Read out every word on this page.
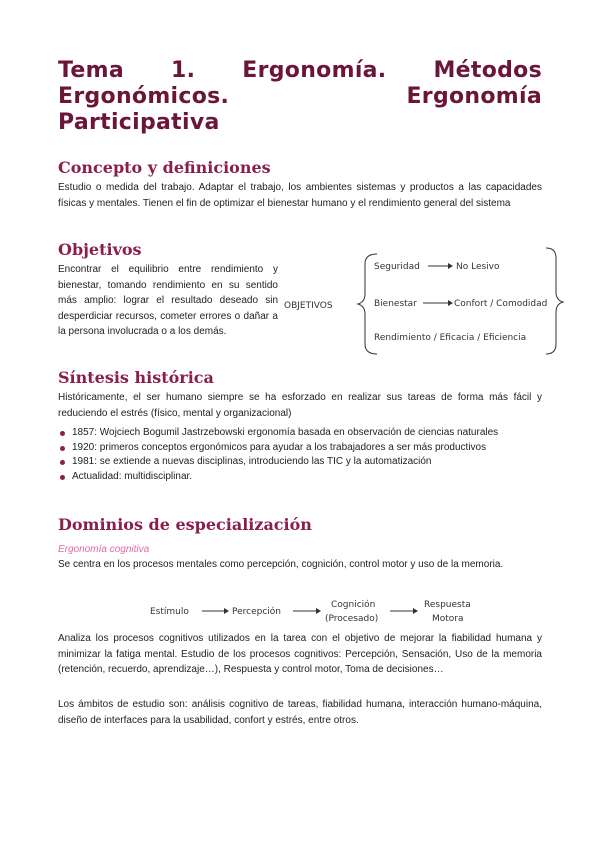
Tema 1. Ergonomía. Métodos
Ergonómicos.	Ergonomía
Participativa
Concepto y definiciones

Estudio o medida del trabajo. Adaptar el trabajo, los ambientes sistemas y productos a las capacidades físicas y mentales. Tienen el fin de optimizar el bienestar humano y el rendimiento general del sistema

Objetivos

Encontrar el equilibrio entre rendimiento y bienestar, tomando rendimiento en su sentido más amplio: lograr el resultado deseado sin desperdiciar recursos, cometer errores o dañar a la persona involucrada o a los demás.

OBJETIVOS
Seguridad	No Lesivo
Bienestar	Confort / Comodidad
Rendimiento / Eficacia / Eficiencia
Síntesis histórica

Históricamente, el ser humano siempre se ha esforzado en realizar sus tareas de forma más fácil y reduciendo el estrés (físico, mental y organizacional)

1857: Wojciech Bogumil Jastrzebowski ergonomía basada en observación de ciencias naturales
1920: primeros conceptos ergonómicos para ayudar a los trabajadores a ser más productivos
1981: se extiende a nuevas disciplinas, introduciendo las TIC y la automatización
Actualidad: multidisciplinar.
Dominios de especialización
Ergonomía cognitiva

Se centra en los procesos mentales como percepción, cognición, control motor y uso de la memoria.

Estímulo	Percepción
Cognición
(Procesado)
Respuesta
Motora

Analiza los procesos cognitivos utilizados en la tarea con el objetivo de mejorar la fiabilidad humana y minimizar la fatiga mental. Estudio de los procesos cognitivos: Percepción, Sensación, Uso de la memoria (retención, recuerdo, aprendizaje…), Respuesta y control motor, Toma de decisiones…

Los ámbitos de estudio son: análisis cognitivo de tareas, fiabilidad humana, interacción humano-máquina, diseño de interfaces para la usabilidad, confort y estrés, entre otros.
